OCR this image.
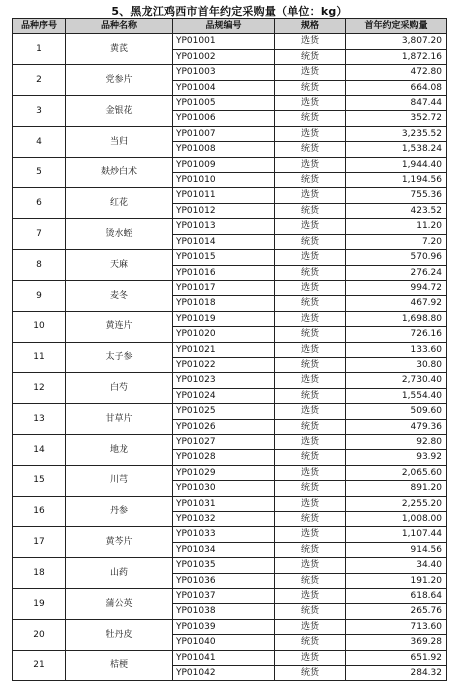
5、黑龙江鸡西市首年约定采购量（单位：kg）
品种序号	品种名称	品规编号	规格	首年约定采购量
1	黄芪	YP01001	选货	3,807.20
		YP01002	统货	1,872.16
2	党参片	YP01003	选货	472.80
		YP01004	统货	664.08
3	金银花	YP01005	选货	847.44
		YP01006	统货	352.72
4	当归	YP01007	选货	3,235.52
		YP01008	统货	1,538.24
5	麸炒白术	YP01009	选货	1,944.40
		YP01010	统货	1,194.56
6	红花	YP01011	选货	755.36
		YP01012	统货	423.52
7	烫水蛭	YP01013	选货	11.20
		YP01014	统货	7.20
8	天麻	YP01015	选货	570.96
		YP01016	统货	276.24
9	麦冬	YP01017	选货	994.72
		YP01018	统货	467.92
10	黄连片	YP01019	选货	1,698.80
		YP01020	统货	726.16
11	太子参	YP01021	选货	133.60
		YP01022	统货	30.80
12	白芍	YP01023	选货	2,730.40
		YP01024	统货	1,554.40
13	甘草片	YP01025	选货	509.60
		YP01026	统货	479.36
14	地龙	YP01027	选货	92.80
		YP01028	统货	93.92
15	川芎	YP01029	选货	2,065.60
		YP01030	统货	891.20
16	丹参	YP01031	选货	2,255.20
		YP01032	统货	1,008.00
17	黄芩片	YP01033	选货	1,107.44
		YP01034	统货	914.56
18	山药	YP01035	选货	34.40
		YP01036	统货	191.20
19	蒲公英	YP01037	选货	618.64
		YP01038	统货	265.76
20	牡丹皮	YP01039	选货	713.60
		YP01040	统货	369.28
21	桔梗	YP01041	选货	651.92
		YP01042	统货	284.32
